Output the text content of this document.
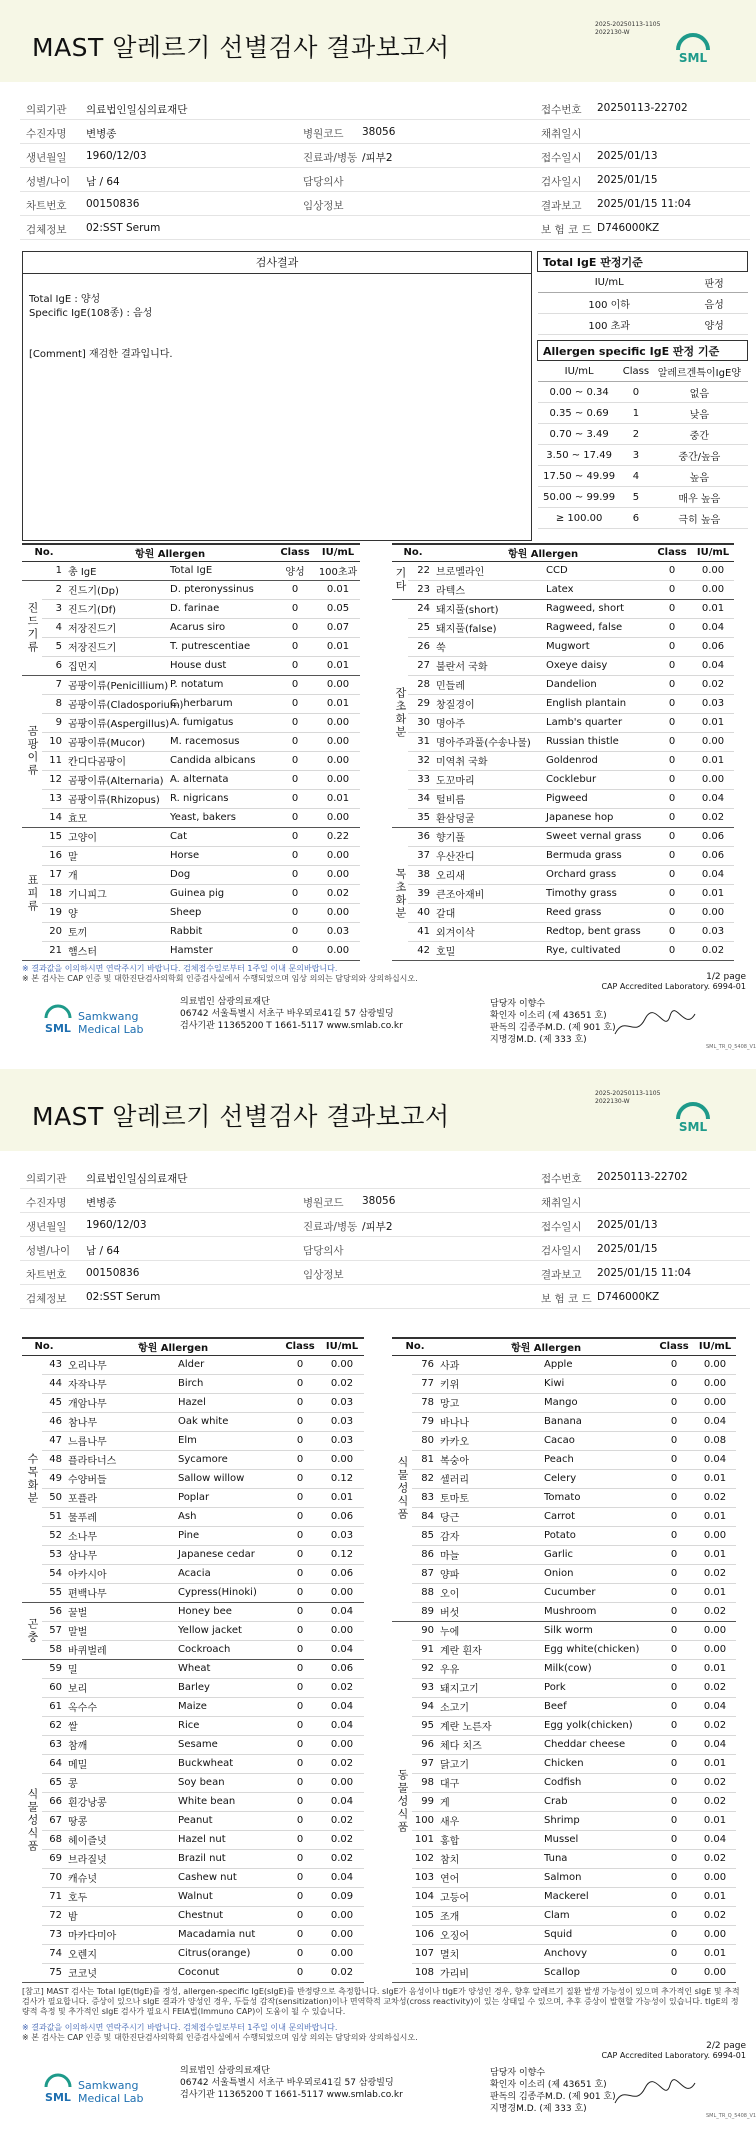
MAST 알레르기 선별검사 결과보고서
2025-20250113-1105
2022130-W
SML
의뢰기관 의료법인일심의료재단	접수번호 20250113-22702
수진자명 변병종	병원코드 38056	채취일시
생년월일 1960/12/03	진료과/병동 /피부2	접수일시 2025/01/13
성별/나이 남 / 64	담당의사	검사일시 2025/01/15
차트번호 00150836	임상정보	결과보고 2025/01/15 11:04
검체정보 02:SST Serum	보 험 코 드 D746000KZ
검사결과
Total IgE : 양성
Specific IgE(108종) : 음성
[Comment] 재검한 결과입니다.
Total IgE 판정기준	
IU/mL	판정
100 이하	음성
100 초과	양성
Allergen specific IgE 판정 기준		
IU/mL	Class	알레르겐특이IgE양
0.00 ~ 0.34	0	없음
0.35 ~ 0.69	1	낮음
0.70 ~ 3.49	2	중간
3.50 ~ 17.49	3	중간/높음
17.50 ~ 49.99	4	높음
50.00 ~ 99.99	5	매우 높음
≥ 100.00	6	극히 높음
No.		항원 Allergen		Class	IU/mL
	1	총 IgE	Total IgE	양성	100초과
진드기류	2	진드기(Dp)	D. pteronyssinus	0	0.01
	3	진드기(Df)	D. farinae	0	0.05
	4	저장진드기	Acarus siro	0	0.07
	5	저장진드기	T. putrescentiae	0	0.01
	6	집먼지	House dust	0	0.01
곰팡이류	7	곰팡이류(Penicillium)	P. notatum	0	0.00
	8	곰팡이류(Cladosporium)	C. herbarum	0	0.01
	9	곰팡이류(Aspergillus)	A. fumigatus	0	0.00
	10	곰팡이류(Mucor)	M. racemosus	0	0.00
	11	칸디다곰팡이	Candida albicans	0	0.00
	12	곰팡이류(Alternaria)	A. alternata	0	0.00
	13	곰팡이류(Rhizopus)	R. nigricans	0	0.01
	14	효모	Yeast, bakers	0	0.00
표피류	15	고양이	Cat	0	0.22
	16	말	Horse	0	0.00
	17	개	Dog	0	0.00
	18	기니피그	Guinea pig	0	0.02
	19	양	Sheep	0	0.00
	20	토끼	Rabbit	0	0.03
	21	햄스터	Hamster	0	0.00
No.		항원 Allergen		Class	IU/mL
기타	22	브로멜라인	CCD	0	0.00
	23	라텍스	Latex	0	0.00
잡초화분	24	돼지풀(short)	Ragweed, short	0	0.01
	25	돼지풀(false)	Ragweed, false	0	0.04
	26	쑥	Mugwort	0	0.06
	27	불란서 국화	Oxeye daisy	0	0.04
	28	민들레	Dandelion	0	0.02
	29	창질경이	English plantain	0	0.03
	30	명아주	Lamb's quarter	0	0.01
	31	명아주과풀(수송나물)	Russian thistle	0	0.00
	32	미역취 국화	Goldenrod	0	0.01
	33	도꼬마리	Cocklebur	0	0.00
	34	털비름	Pigweed	0	0.04
	35	환삼덩굴	Japanese hop	0	0.02
목초화분	36	향기풀	Sweet vernal grass	0	0.06
	37	우산잔디	Bermuda grass	0	0.06
	38	오리새	Orchard grass	0	0.04
	39	큰조아재비	Timothy grass	0	0.01
	40	갈대	Reed grass	0	0.00
	41	외겨이삭	Redtop, bent grass	0	0.03
	42	호밀	Rye, cultivated	0	0.02
※ 결과값을 이의하시면 연락주시기 바랍니다. 검체접수일로부터 1주일 이내 문의바랍니다.
※ 본 검사는 CAP 인증 및 대한진단검사의학회 인증검사실에서 수행되었으며 임상 의의는 담당의와 상의하십시오.	1/2 page
CAP Accredited Laboratory. 6994-01
SML
Samkwang
Medical Lab
의료법인 삼광의료재단
06742 서울특별시 서초구 바우뫼로41길 57 삼광빌딩
검사기관 11365200 T 1661-5117 www.smlab.co.kr
담당자 이향수
확인자 이소리 (제 43651 호)
판독의 김종주M.D. (제 901 호)
지명경M.D. (제 333 호)
SML_TR_Q_5408_V1
MAST 알레르기 선별검사 결과보고서
2025-20250113-1105
2022130-W
SML
의뢰기관 의료법인일심의료재단	접수번호 20250113-22702
수진자명 변병종	병원코드 38056	채취일시
생년월일 1960/12/03	진료과/병동 /피부2	접수일시 2025/01/13
성별/나이 남 / 64	담당의사	검사일시 2025/01/15
차트번호 00150836	임상정보	결과보고 2025/01/15 11:04
검체정보 02:SST Serum	보 험 코 드 D746000KZ
No.		항원 Allergen		Class	IU/mL
수목화분	43	오리나무	Alder	0	0.00
	44	자작나무	Birch	0	0.02
	45	개암나무	Hazel	0	0.03
	46	참나무	Oak white	0	0.03
	47	느릅나무	Elm	0	0.03
	48	플라타너스	Sycamore	0	0.00
	49	수양버들	Sallow willow	0	0.12
	50	포플라	Poplar	0	0.01
	51	물푸레	Ash	0	0.06
	52	소나무	Pine	0	0.03
	53	삼나무	Japanese cedar	0	0.12
	54	아카시아	Acacia	0	0.06
	55	편백나무	Cypress(Hinoki)	0	0.00
곤충	56	꿀벌	Honey bee	0	0.04
	57	말벌	Yellow jacket	0	0.00
	58	바퀴벌레	Cockroach	0	0.04
식물성식품	59	밀	Wheat	0	0.06
	60	보리	Barley	0	0.02
	61	옥수수	Maize	0	0.04
	62	쌀	Rice	0	0.04
	63	참깨	Sesame	0	0.00
	64	메밀	Buckwheat	0	0.02
	65	콩	Soy bean	0	0.00
	66	흰강낭콩	White bean	0	0.04
	67	땅콩	Peanut	0	0.02
	68	헤이즐넛	Hazel nut	0	0.02
	69	브라질넛	Brazil nut	0	0.02
	70	캐슈넛	Cashew nut	0	0.04
	71	호두	Walnut	0	0.09
	72	밤	Chestnut	0	0.00
	73	마카다미아	Macadamia nut	0	0.00
	74	오렌지	Citrus(orange)	0	0.00
	75	코코넛	Coconut	0	0.02
No.		항원 Allergen		Class	IU/mL
식물성식품	76	사과	Apple	0	0.00
	77	키위	Kiwi	0	0.00
	78	망고	Mango	0	0.00
	79	바나나	Banana	0	0.04
	80	카카오	Cacao	0	0.08
	81	복숭아	Peach	0	0.04
	82	셀러리	Celery	0	0.01
	83	토마토	Tomato	0	0.02
	84	당근	Carrot	0	0.01
	85	감자	Potato	0	0.00
	86	마늘	Garlic	0	0.01
	87	양파	Onion	0	0.02
	88	오이	Cucumber	0	0.01
	89	버섯	Mushroom	0	0.02
동물성식품	90	누에	Silk worm	0	0.00
	91	계란 흰자	Egg white(chicken)	0	0.00
	92	우유	Milk(cow)	0	0.01
	93	돼지고기	Pork	0	0.02
	94	소고기	Beef	0	0.04
	95	계란 노른자	Egg yolk(chicken)	0	0.02
	96	체다 치즈	Cheddar cheese	0	0.04
	97	닭고기	Chicken	0	0.01
	98	대구	Codfish	0	0.02
	99	게	Crab	0	0.02
	100	새우	Shrimp	0	0.01
	101	홍합	Mussel	0	0.04
	102	참치	Tuna	0	0.02
	103	연어	Salmon	0	0.00
	104	고등어	Mackerel	0	0.01
	105	조개	Clam	0	0.02
	106	오징어	Squid	0	0.00
	107	멸치	Anchovy	0	0.01
	108	가리비	Scallop	0	0.00
[참고] MAST 검사는 Total IgE(tIgE)를 정성, allergen-specific IgE(sIgE)를 반정량으로 측정합니다. sIgE가 음성이나 tIgE가 양성인 경우, 향후 알레르기 질환 발생 가능성이 있으며 추가적인 sIgE 및 추적검사가 필요합니다. 증상이 있으나 sIgE 결과가 양성인 경우, 두들성 감작(sensitization)이나 면역학적 교차성(cross reactivity)이 있는 상태일 수 있으며, 추후 증상이 발현할 가능성이 있습니다. tIgE의 정량적 측정 및 추가적인 sIgE 검사가 필요시 FEIA법(Immuno CAP)이 도움이 될 수 있습니다.
※ 결과값을 이의하시면 연락주시기 바랍니다. 검체접수일로부터 1주일 이내 문의바랍니다.
※ 본 검사는 CAP 인증 및 대한진단검사의학회 인증검사실에서 수행되었으며 임상 의의는 담당의와 상의하십시오.
2/2 page
CAP Accredited Laboratory. 6994-01
SML
Samkwang
Medical Lab
의료법인 삼광의료재단
06742 서울특별시 서초구 바우뫼로41길 57 삼광빌딩
검사기관 11365200 T 1661-5117 www.smlab.co.kr
담당자 이향수
확인자 이소리 (제 43651 호)
판독의 김종주M.D. (제 901 호)
지명경M.D. (제 333 호)
SML_TR_Q_5408_V1
